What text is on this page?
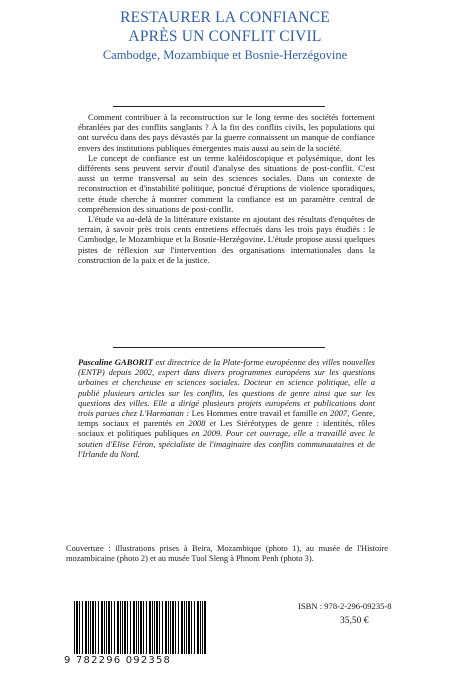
RESTAURER LA CONFIANCE
APRÈS UN CONFLIT CIVIL
Cambodge, Mozambique et Bosnie-Herzégovine

Comment contribuer à la reconstruction sur le long terme des sociétés fortement ébranlées par des conflits sanglants ? À la fin des conflits civils, les populations qui ont survécu dans des pays dévastés par la guerre connaissent un manque de confiance envers des institutions publiques émergentes mais aussi au sein de la société.

Le concept de confiance est un terme kaléidoscopique et polysémique, dont les différents sens peuvent servir d'outil d'analyse des situations de post-conflit. C'est aussi un terme transversal au sein des sciences sociales. Dans un contexte de reconstruction et d'instabilité politique, ponctué d'éruptions de violence sporadiques, cette étude cherche à montrer comment la confiance est un paramètre central de compréhension des situations de post-conflit.

L'étude va au-delà de la littérature existante en ajoutant des résultats d'enquêtes de terrain, à savoir près trois cents entretiens effectués dans les trois pays étudiés : le Cambodge, le Mozambique et la Bosnie-Herzégovine. L'étude propose aussi quelques pistes de réflexion sur l'intervention des organisations internationales dans la construction de la paix et de la justice.

Pascaline GABORIT est directrice de la Plate-forme européenne des villes nouvelles (ENTP) depuis 2002, expert dans divers programmes européens sur les questions urbaines et chercheuse en sciences sociales. Docteur en science politique, elle a publié plusieurs articles sur les conflits, les questions de genre ainsi que sur les questions des villes. Elle a dirigé plusieurs projets européens et publications dont trois parues chez L'Harmattan : Les Hommes entre travail et famille en 2007, Genre, temps sociaux et parentés en 2008 et Les Stéréotypes de genre : identités, rôles sociaux et politiques publiques en 2009. Pour cet ouvrage, elle a travaillé avec le soutien d'Elise Féron, spécialiste de l'imaginaire des conflits communautaires et de l'Irlande du Nord.
Couverture : illustrations prises à Beira, Mozambique (photo 1), au musée de l'Histoire mozambicaine (photo 2) et au musée Tuol Sleng à Phnom Penh (photo 3).
9 782296 092358
ISBN : 978-2-296-09235-8
35,50 €
